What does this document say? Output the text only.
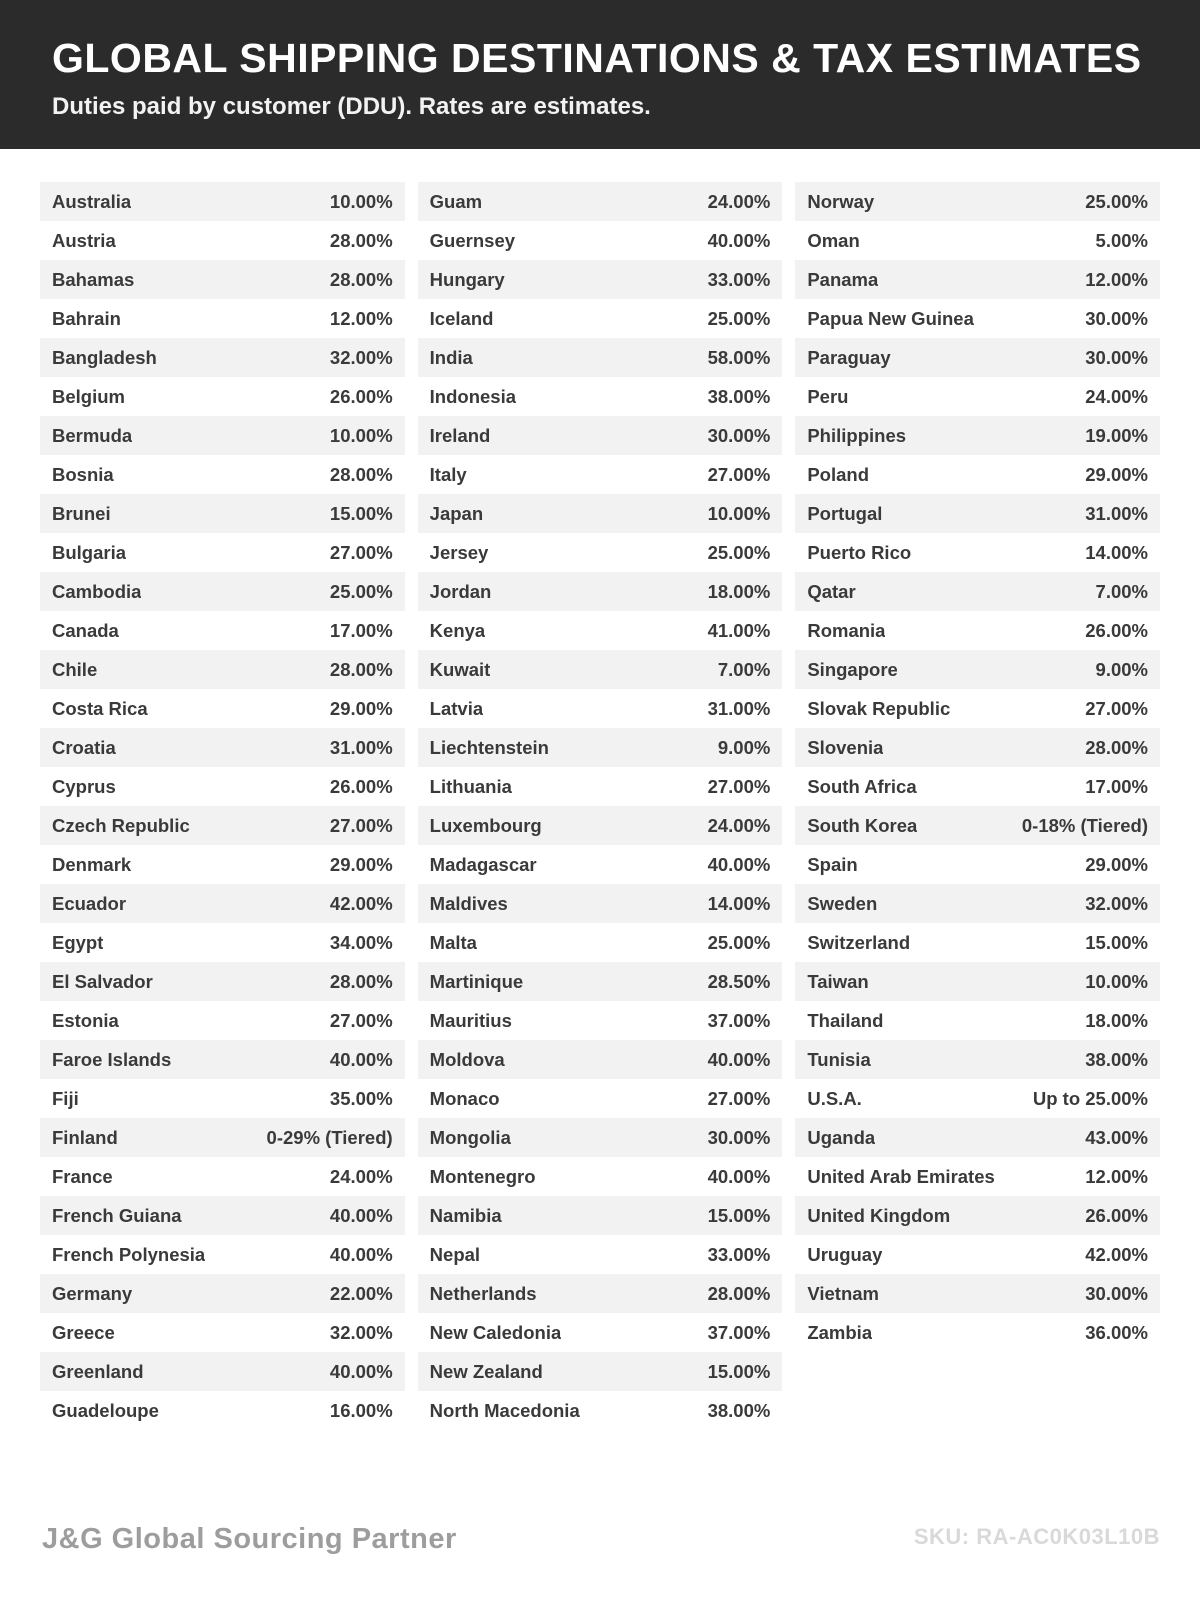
GLOBAL SHIPPING DESTINATIONS & TAX ESTIMATES

Duties paid by customer (DDU). Rates are estimates.

Australia	10.00%
Austria	28.00%
Bahamas	28.00%
Bahrain	12.00%
Bangladesh	32.00%
Belgium	26.00%
Bermuda	10.00%
Bosnia	28.00%
Brunei	15.00%
Bulgaria	27.00%
Cambodia	25.00%
Canada	17.00%
Chile	28.00%
Costa Rica	29.00%
Croatia	31.00%
Cyprus	26.00%
Czech Republic	27.00%
Denmark	29.00%
Ecuador	42.00%
Egypt	34.00%
El Salvador	28.00%
Estonia	27.00%
Faroe Islands	40.00%
Fiji	35.00%
Finland	0-29% (Tiered)
France	24.00%
French Guiana	40.00%
French Polynesia	40.00%
Germany	22.00%
Greece	32.00%
Greenland	40.00%
Guadeloupe	16.00%
Guam	24.00%
Guernsey	40.00%
Hungary	33.00%
Iceland	25.00%
India	58.00%
Indonesia	38.00%
Ireland	30.00%
Italy	27.00%
Japan	10.00%
Jersey	25.00%
Jordan	18.00%
Kenya	41.00%
Kuwait	7.00%
Latvia	31.00%
Liechtenstein	9.00%
Lithuania	27.00%
Luxembourg	24.00%
Madagascar	40.00%
Maldives	14.00%
Malta	25.00%
Martinique	28.50%
Mauritius	37.00%
Moldova	40.00%
Monaco	27.00%
Mongolia	30.00%
Montenegro	40.00%
Namibia	15.00%
Nepal	33.00%
Netherlands	28.00%
New Caledonia	37.00%
New Zealand	15.00%
North Macedonia	38.00%
Norway	25.00%
Oman	5.00%
Panama	12.00%
Papua New Guinea	30.00%
Paraguay	30.00%
Peru	24.00%
Philippines	19.00%
Poland	29.00%
Portugal	31.00%
Puerto Rico	14.00%
Qatar	7.00%
Romania	26.00%
Singapore	9.00%
Slovak Republic	27.00%
Slovenia	28.00%
South Africa	17.00%
South Korea	0-18% (Tiered)
Spain	29.00%
Sweden	32.00%
Switzerland	15.00%
Taiwan	10.00%
Thailand	18.00%
Tunisia	38.00%
U.S.A.	Up to 25.00%
Uganda	43.00%
United Arab Emirates	12.00%
United Kingdom	26.00%
Uruguay	42.00%
Vietnam	30.00%
Zambia	36.00%
J&G Global Sourcing Partner	SKU: RA-AC0K03L10B
